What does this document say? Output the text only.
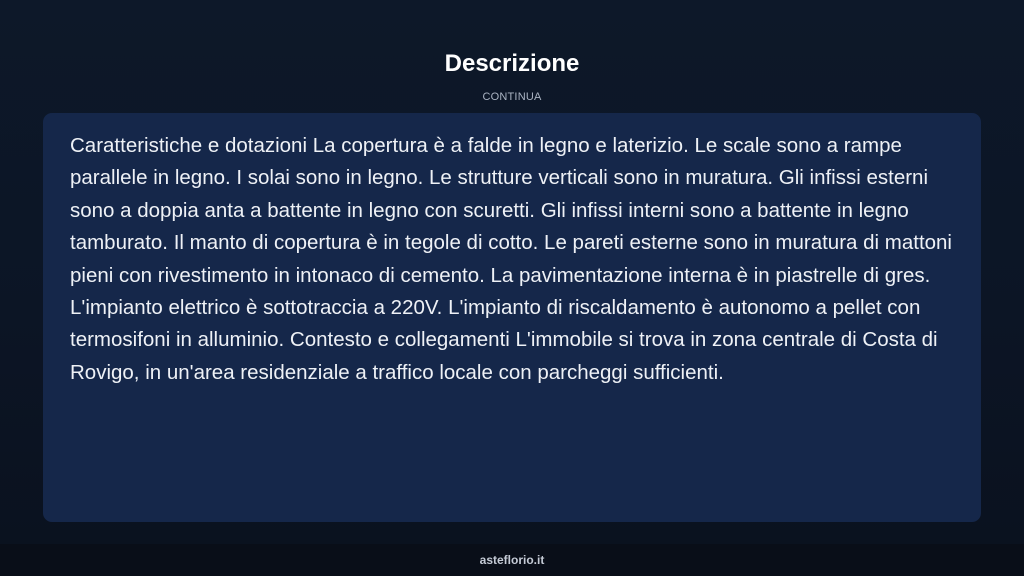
Descrizione
CONTINUA

Caratteristiche e dotazioni La copertura è a falde in legno e laterizio. Le scale sono a rampe parallele in legno. I solai sono in legno. Le strutture verticali sono in muratura. Gli infissi esterni sono a doppia anta a battente in legno con scuretti. Gli infissi interni sono a battente in legno tamburato. Il manto di copertura è in tegole di cotto. Le pareti esterne sono in muratura di mattoni pieni con rivestimento in intonaco di cemento. La pavimentazione interna è in piastrelle di gres. L'impianto elettrico è sottotraccia a 220V. L'impianto di riscaldamento è autonomo a pellet con termosifoni in alluminio. Contesto e collegamenti L'immobile si trova in zona centrale di Costa di Rovigo, in un'area residenziale a traffico locale con parcheggi sufficienti.

asteflorio.it
